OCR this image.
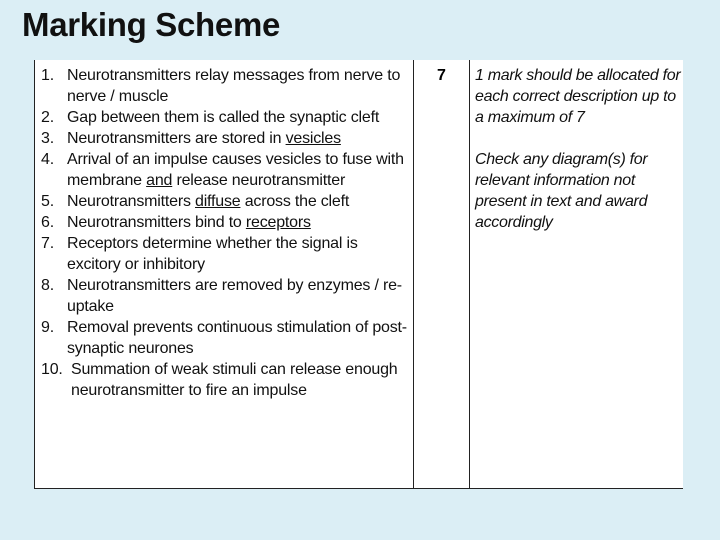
Marking Scheme
1. Neurotransmitters relay messages from nerve to nerve / muscle
2. Gap between them is called the synaptic cleft
3. Neurotransmitters are stored in vesicles
4. Arrival of an impulse causes vesicles to fuse with membrane and release neurotransmitter
5. Neurotransmitters diffuse across the cleft
6. Neurotransmitters bind to receptors
7. Receptors determine whether the signal is excitory or inhibitory
8. Neurotransmitters are removed by enzymes / re-uptake
9. Removal prevents continuous stimulation of post-synaptic neurones
10. Summation of weak stimuli can release enough neurotransmitter to fire an impulse
7	1 mark should be allocated for each correct description up to a maximum of 7

Check any diagram(s) for relevant information not present in text and award accordingly
